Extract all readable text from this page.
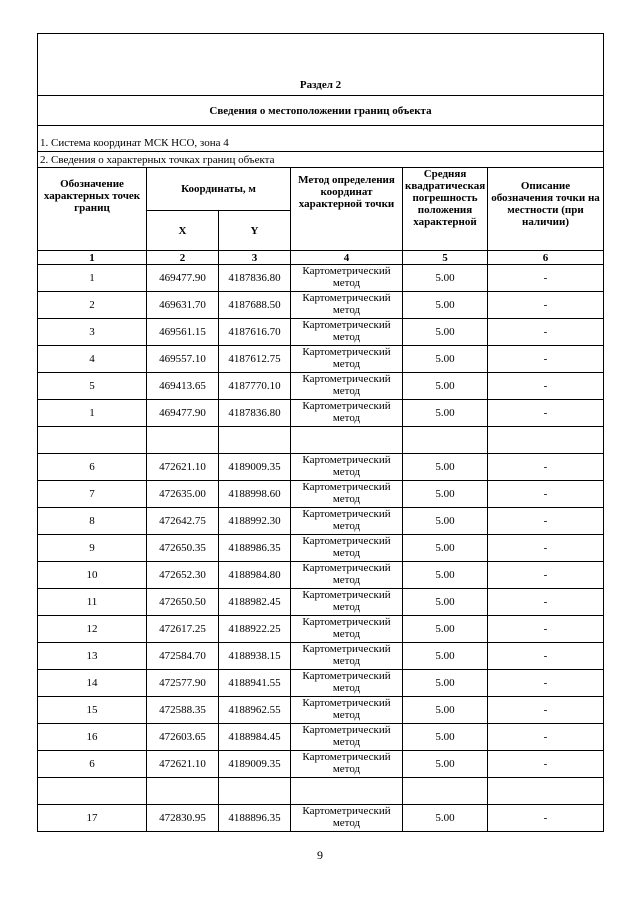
Раздел 2					
Сведения о местоположении границ объекта					
1. Система координат МСК НСО, зона 4					
2. Сведения о характерных точках границ объекта					
Обозначение характерных точек границ	Координаты, м		Метод определения координат характерной точки	Средняя квадратическая погрешность положения характерной	Описание обозначения точки на местности (при наличии)
	X	Y			
1	2	3	4	5	6
1	469477.90	4187836.80	Картометрический метод	5.00	-
2	469631.70	4187688.50	Картометрический метод	5.00	-
3	469561.15	4187616.70	Картометрический метод	5.00	-
4	469557.10	4187612.75	Картометрический метод	5.00	-
5	469413.65	4187770.10	Картометрический метод	5.00	-
1	469477.90	4187836.80	Картометрический метод	5.00	-

6	472621.10	4189009.35	Картометрический метод	5.00	-
7	472635.00	4188998.60	Картометрический метод	5.00	-
8	472642.75	4188992.30	Картометрический метод	5.00	-
9	472650.35	4188986.35	Картометрический метод	5.00	-
10	472652.30	4188984.80	Картометрический метод	5.00	-
11	472650.50	4188982.45	Картометрический метод	5.00	-
12	472617.25	4188922.25	Картометрический метод	5.00	-
13	472584.70	4188938.15	Картометрический метод	5.00	-
14	472577.90	4188941.55	Картометрический метод	5.00	-
15	472588.35	4188962.55	Картометрический метод	5.00	-
16	472603.65	4188984.45	Картометрический метод	5.00	-
6	472621.10	4189009.35	Картометрический метод	5.00	-

17	472830.95	4188896.35	Картометрический метод	5.00	-
9
